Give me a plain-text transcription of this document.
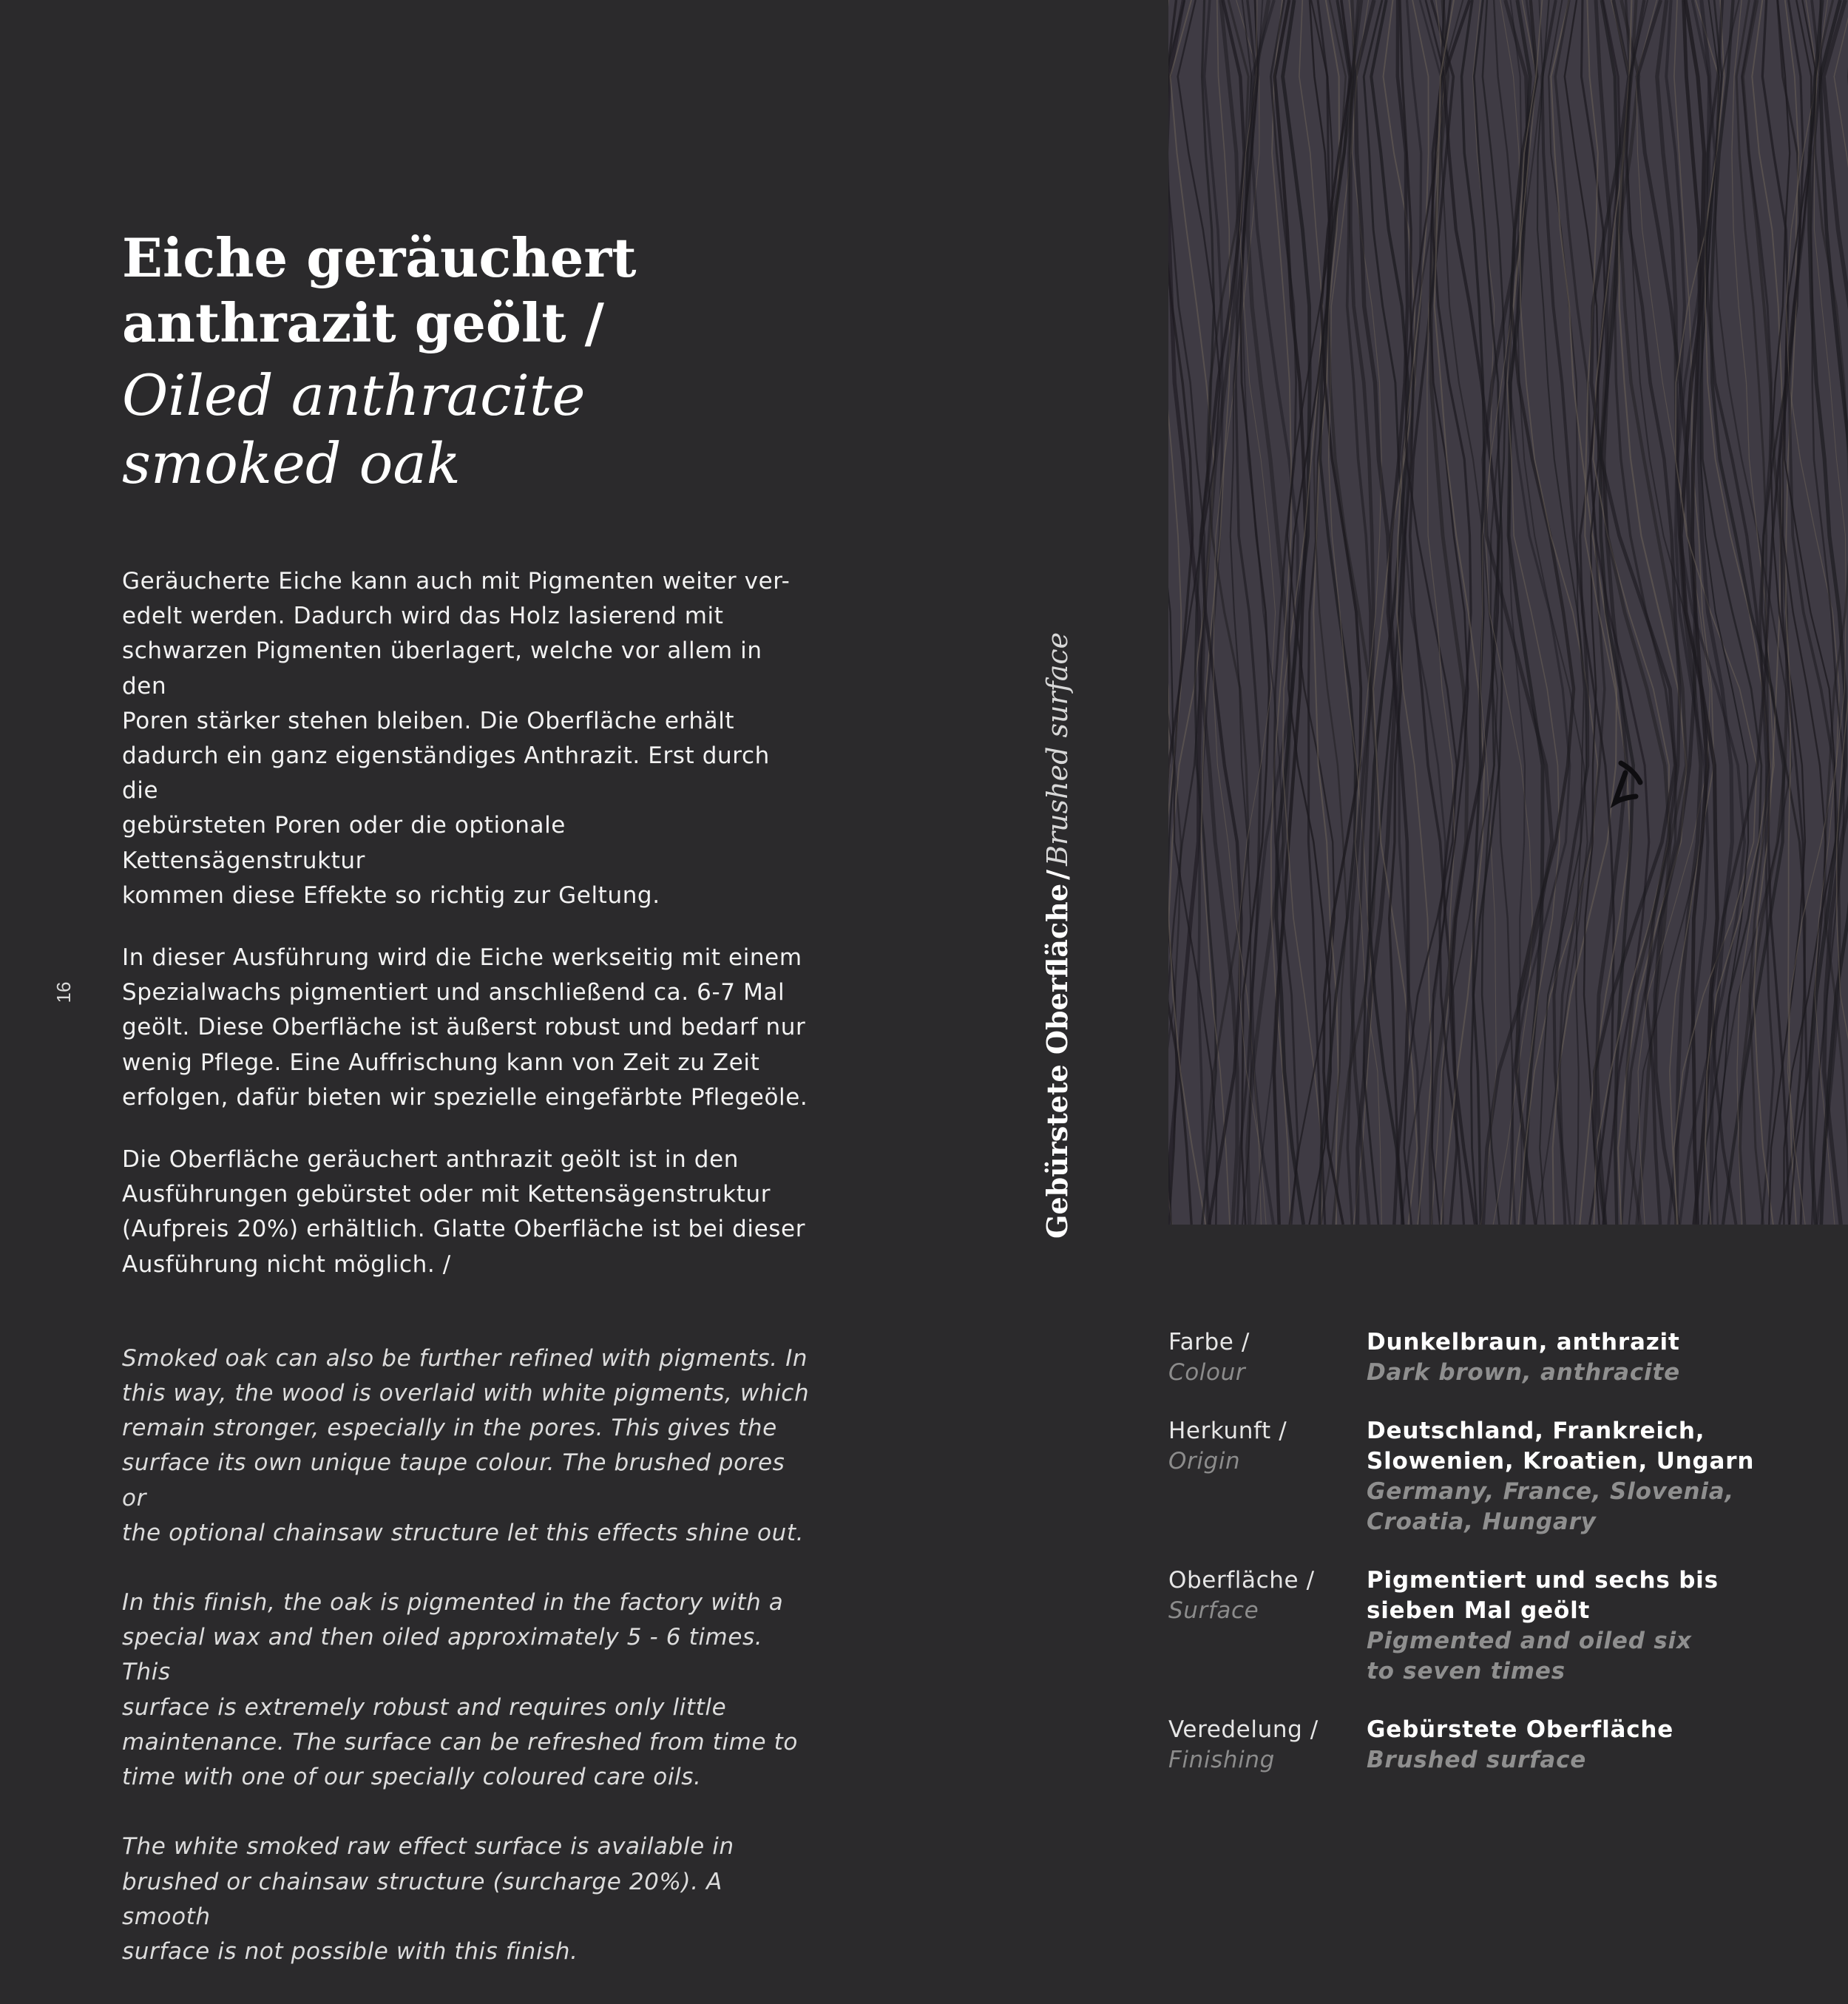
16
Eiche geräuchert
anthrazit geölt /
Oiled anthracite
smoked oak

Geräucherte Eiche kann auch mit Pigmenten weiter ver-
edelt werden. Dadurch wird das Holz lasierend mit
schwarzen Pigmenten überlagert, welche vor allem in den
Poren stärker stehen bleiben. Die Oberfläche erhält
dadurch ein ganz eigenständiges Anthrazit. Erst durch die
gebürsteten Poren oder die optionale Kettensägenstruktur
kommen diese Effekte so richtig zur Geltung.

In dieser Ausführung wird die Eiche werkseitig mit einem
Spezialwachs pigmentiert und anschließend ca. 6-7 Mal
geölt. Diese Oberfläche ist äußerst robust und bedarf nur
wenig Pflege. Eine Auffrischung kann von Zeit zu Zeit
erfolgen, dafür bieten wir spezielle eingefärbte Pflegeöle.

Die Oberfläche geräuchert anthrazit geölt ist in den
Ausführungen gebürstet oder mit Kettensägenstruktur
(Aufpreis 20%) erhältlich. Glatte Oberfläche ist bei dieser
Ausführung nicht möglich. /

Smoked oak can also be further refined with pigments. In
this way, the wood is overlaid with white pigments, which
remain stronger, especially in the pores. This gives the
surface its own unique taupe colour. The brushed pores or
the optional chainsaw structure let this effects shine out.

In this finish, the oak is pigmented in the factory with a
special wax and then oiled approximately 5 - 6 times. This
surface is extremely robust and requires only little
maintenance. The surface can be refreshed from time to
time with one of our specially coloured care oils.

The white smoked raw effect surface is available in
brushed or chainsaw structure (surcharge 20%). A smooth
surface is not possible with this finish.

Gebürstete Oberfläche / Brushed surface
Farbe /
Colour
Dunkelbraun, anthrazit
Dark brown, anthracite
Herkunft /
Origin
Deutschland, Frankreich,
Slowenien, Kroatien, Ungarn
Germany, France, Slovenia,
Croatia, Hungary
Oberfläche /
Surface
Pigmentiert und sechs bis
sieben Mal geölt
Pigmented and oiled six
to seven times
Veredelung /
Finishing
Gebürstete Oberfläche
Brushed surface
